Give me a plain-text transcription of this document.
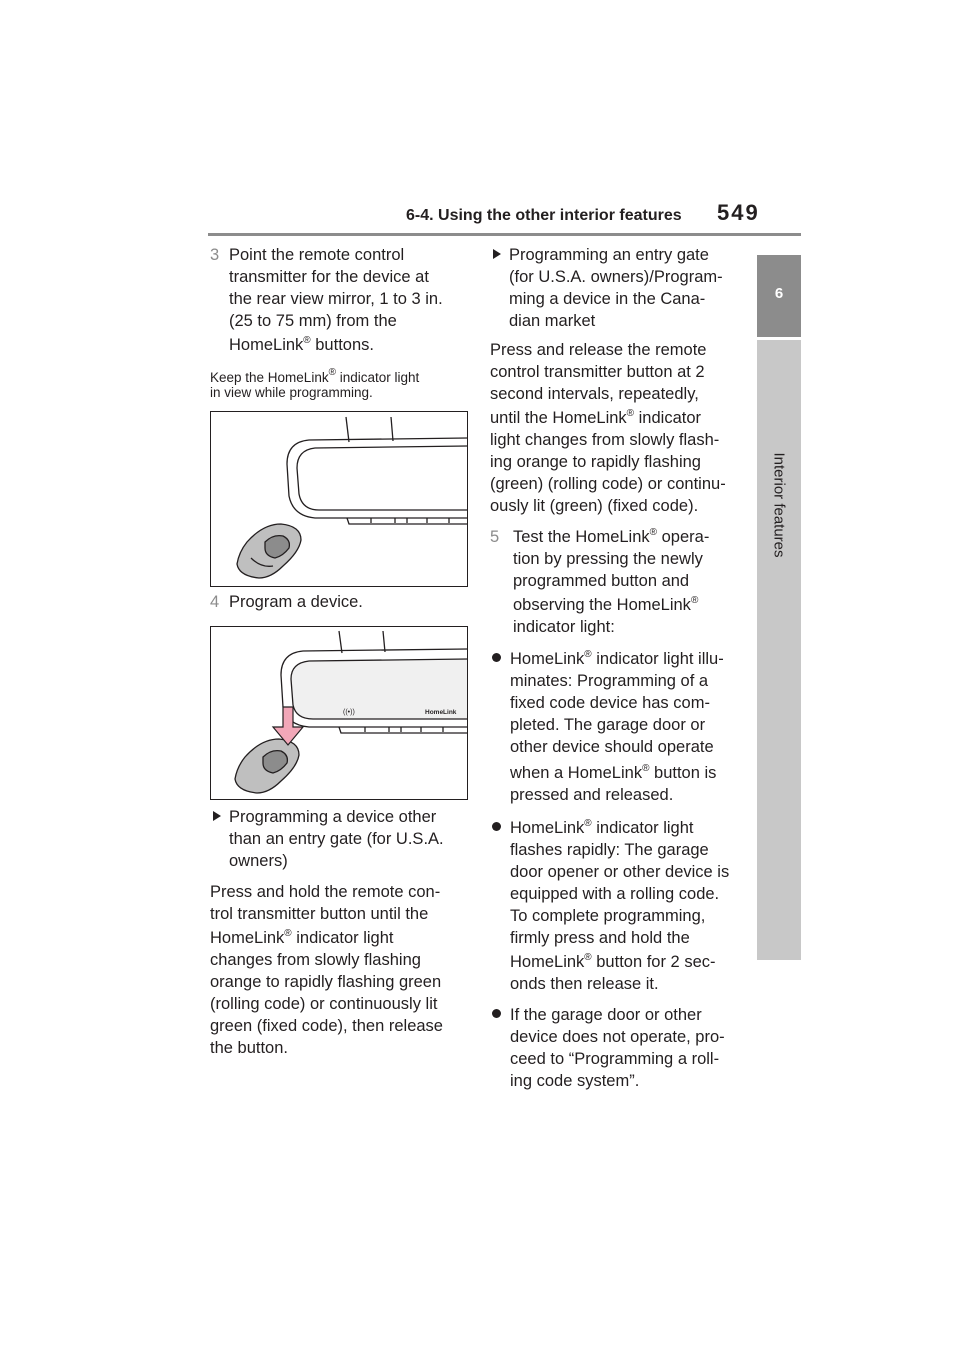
6-4. Using the other interior features 549
6
Interior features
3 Point the remote control
transmitter for the device at
the rear view mirror, 1 to 3 in.
(25 to 75 mm) from the
HomeLink® buttons.
Keep the HomeLink® indicator light
in view while programming.
4 Program a device.
((•))	HomeLink
Programming a device other
than an entry gate (for U.S.A.
owners)
Press and hold the remote con-
trol transmitter button until the
HomeLink® indicator light
changes from slowly flashing
orange to rapidly flashing green
(rolling code) or continuously lit
green (fixed code), then release
the button.
Programming an entry gate
(for U.S.A. owners)/Program-
ming a device in the Cana-
dian market
Press and release the remote
control transmitter button at 2
second intervals, repeatedly,
until the HomeLink® indicator
light changes from slowly flash-
ing orange to rapidly flashing
(green) (rolling code) or continu-
ously lit (green) (fixed code).
5 Test the HomeLink® opera-
tion by pressing the newly
programmed button and
observing the HomeLink®
indicator light:
HomeLink® indicator light illu-
minates: Programming of a
fixed code device has com-
pleted. The garage door or
other device should operate
when a HomeLink® button is
pressed and released.
HomeLink® indicator light
flashes rapidly: The garage
door opener or other device is
equipped with a rolling code.
To complete programming,
firmly press and hold the
HomeLink® button for 2 sec-
onds then release it.
If the garage door or other
device does not operate, pro-
ceed to “Programming a roll-
ing code system”.
